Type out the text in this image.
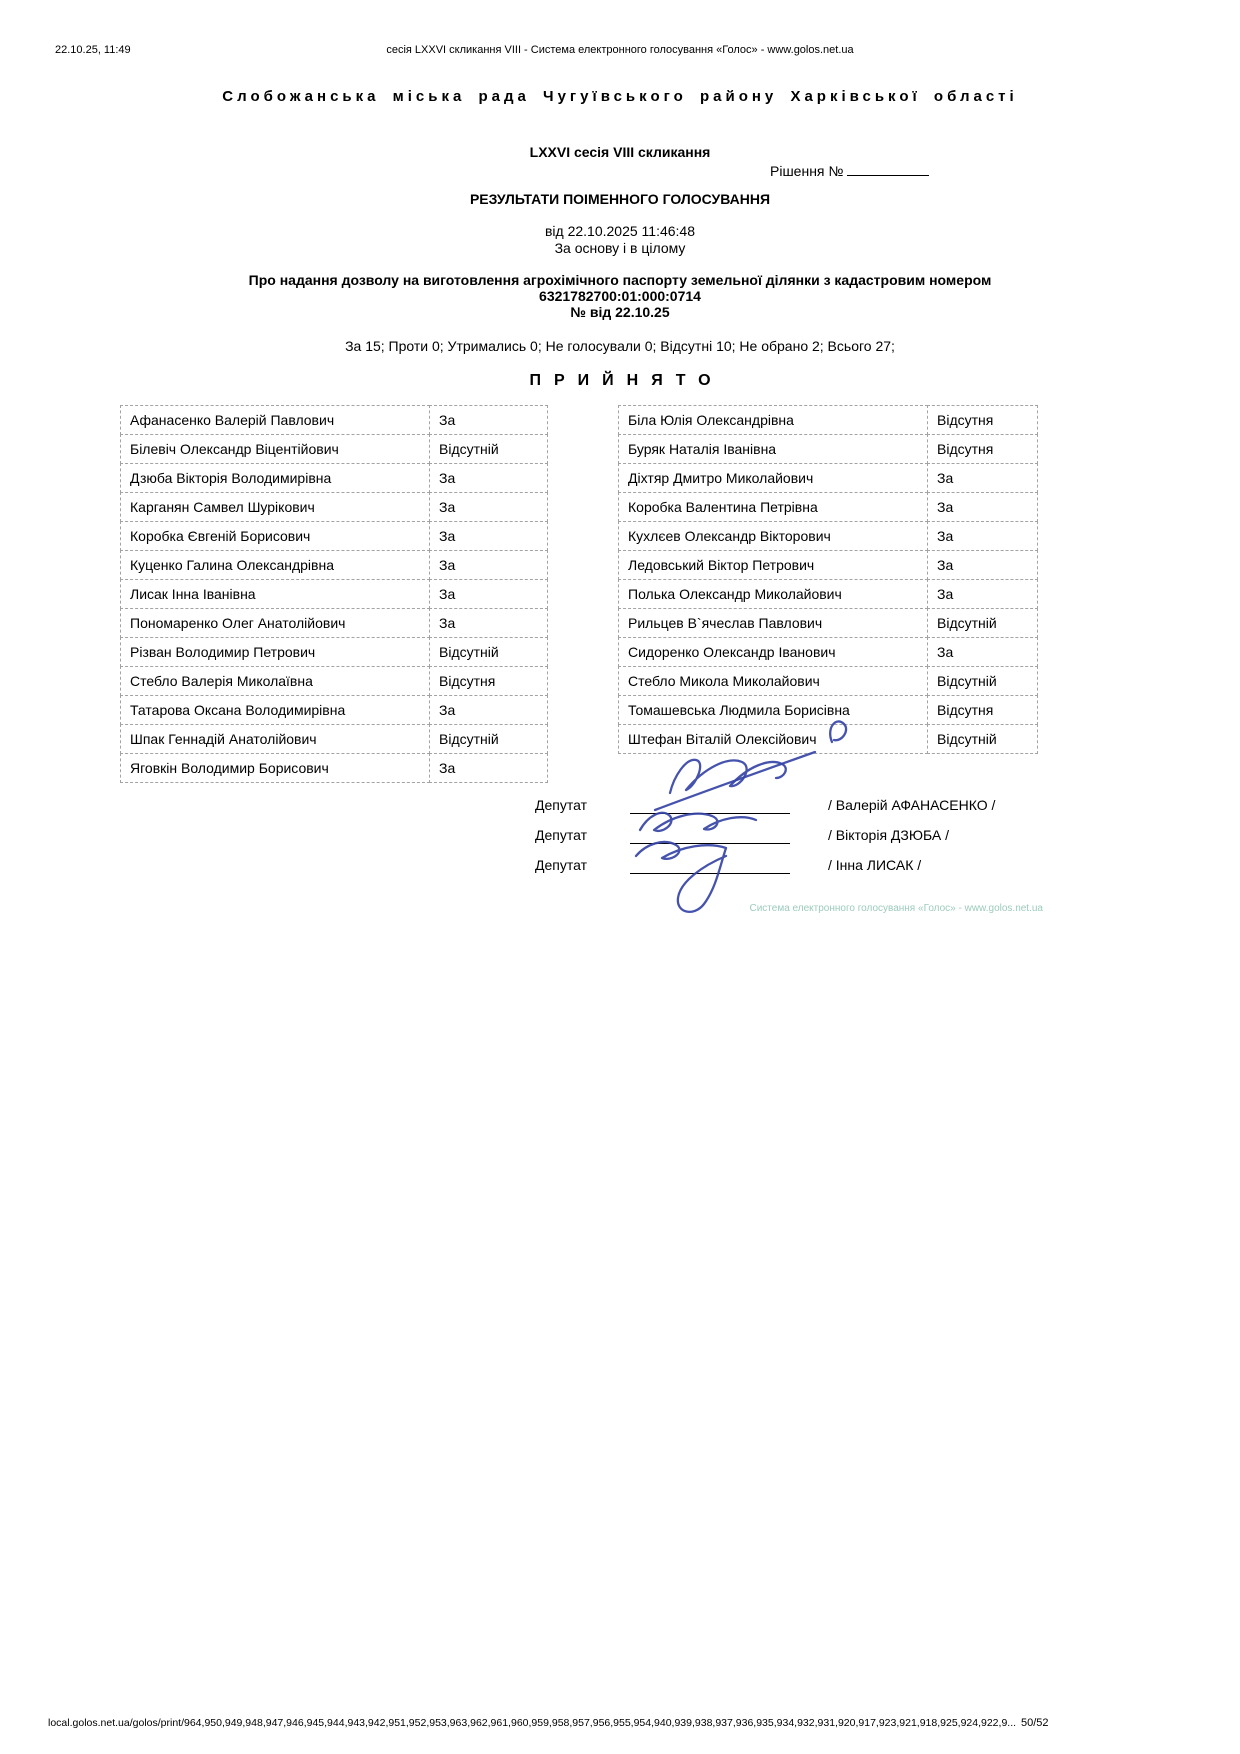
22.10.25, 11:49	сесія LXXVI скликання VIII - Система електронного голосування «Голос» - www.golos.net.ua
Слобожанська міська рада Чугуївського району Харківської області
LXXVI сесія VIII скликання
Рішення №
РЕЗУЛЬТАТИ ПОІМЕННОГО ГОЛОСУВАННЯ
від 22.10.2025 11:46:48
За основу і в цілому
Про надання дозволу на виготовлення агрохімічного паспорту земельної ділянки з кадастровим номером
6321782700:01:000:0714
№ від 22.10.25
За 15; Проти 0; Утримались 0; Не голосували 0; Відсутні 10; Не обрано 2; Всього 27;
ПРИЙНЯТО
Афанасенко Валерій Павлович	За
Білевіч Олександр Віцентійович	Відсутній
Дзюба Вікторія Володимирівна	За
Карганян Самвел Шурікович	За
Коробка Євгеній Борисович	За
Куценко Галина Олександрівна	За
Лисак Інна Іванівна	За
Пономаренко Олег Анатолійович	За
Різван Володимир Петрович	Відсутній
Стебло Валерія Миколаївна	Відсутня
Татарова Оксана Володимирівна	За
Шпак Геннадій Анатолійович	Відсутній
Яговкін Володимир Борисович	За
Біла Юлія Олександрівна	Відсутня
Буряк Наталія Іванівна	Відсутня
Діхтяр Дмитро Миколайович	За
Коробка Валентина Петрівна	За
Кухлєев Олександр Вікторович	За
Ледовський Віктор Петрович	За
Полька Олександр Миколайович	За
Рильцев В`ячеслав Павлович	Відсутній
Сидоренко Олександр Іванович	За
Стебло Микола Миколайович	Відсутній
Томашевська Людмила Борисівна	Відсутня
Штефан Віталій Олексійович	Відсутній
Депутат	/ Валерій АФАНАСЕНКО /
Депутат	/ Вікторія ДЗЮБА /
Депутат	/ Інна ЛИСАК /
Система електронного голосування «Голос» - www.golos.net.ua
local.golos.net.ua/golos/print/964,950,949,948,947,946,945,944,943,942,951,952,953,963,962,961,960,959,958,957,956,955,954,940,939,938,937,936,935,934,932,931,920,917,923,921,918,925,924,922,9... 50/52
